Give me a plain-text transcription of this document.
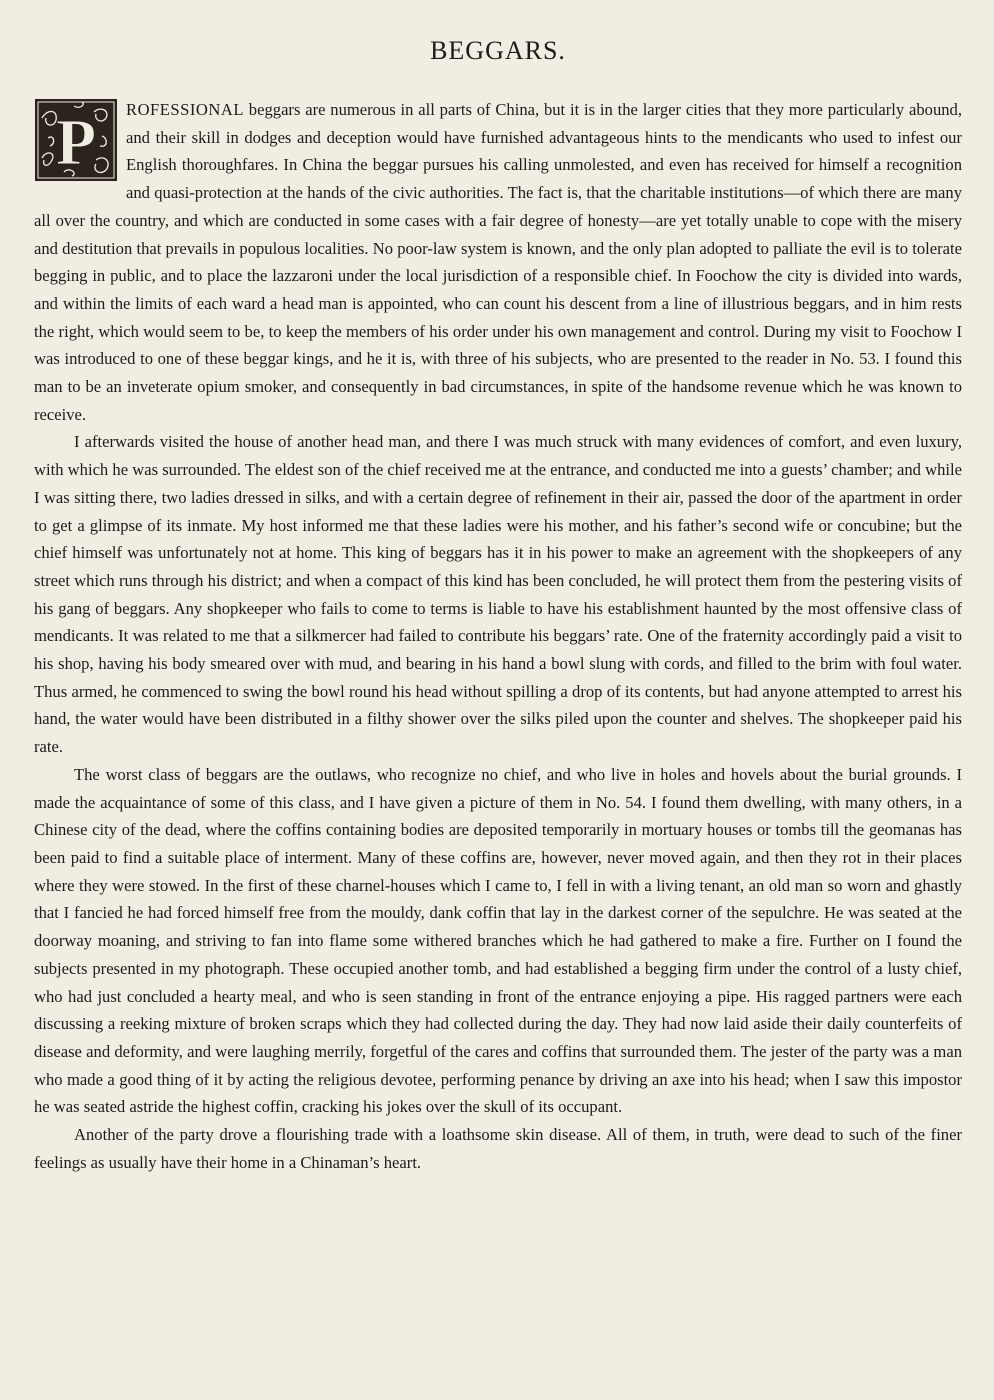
BEGGARS.

P ROFESSIONAL beggars are numerous in all parts of China, but it is in the larger cities that they more particularly abound, and their skill in dodges and deception would have furnished advantageous hints to the mendicants who used to infest our English thoroughfares. In China the beggar pursues his calling unmolested, and even has received for himself a recognition and quasi-protection at the hands of the civic authorities. The fact is, that the charitable institutions—of which there are many all over the country, and which are conducted in some cases with a fair degree of honesty—are yet totally unable to cope with the misery and destitution that prevails in populous localities. No poor-law system is known, and the only plan adopted to palliate the evil is to tolerate begging in public, and to place the lazzaroni under the local jurisdiction of a responsible chief. In Foochow the city is divided into wards, and within the limits of each ward a head man is appointed, who can count his descent from a line of illustrious beggars, and in him rests the right, which would seem to be, to keep the members of his order under his own management and control. During my visit to Foochow I was introduced to one of these beggar kings, and he it is, with three of his subjects, who are presented to the reader in No. 53. I found this man to be an inveterate opium smoker, and consequently in bad circumstances, in spite of the handsome revenue which he was known to receive.

I afterwards visited the house of another head man, and there I was much struck with many evidences of comfort, and even luxury, with which he was surrounded. The eldest son of the chief received me at the entrance, and conducted me into a guests’ chamber; and while I was sitting there, two ladies dressed in silks, and with a certain degree of refinement in their air, passed the door of the apartment in order to get a glimpse of its inmate. My host informed me that these ladies were his mother, and his father’s second wife or concubine; but the chief himself was unfortunately not at home. This king of beggars has it in his power to make an agreement with the shopkeepers of any street which runs through his district; and when a compact of this kind has been concluded, he will protect them from the pestering visits of his gang of beggars. Any shopkeeper who fails to come to terms is liable to have his establishment haunted by the most offensive class of mendicants. It was related to me that a silkmercer had failed to contribute his beggars’ rate. One of the fraternity accordingly paid a visit to his shop, having his body smeared over with mud, and bearing in his hand a bowl slung with cords, and filled to the brim with foul water. Thus armed, he commenced to swing the bowl round his head without spilling a drop of its contents, but had anyone attempted to arrest his hand, the water would have been distributed in a filthy shower over the silks piled upon the counter and shelves. The shopkeeper paid his rate.

The worst class of beggars are the outlaws, who recognize no chief, and who live in holes and hovels about the burial grounds. I made the acquaintance of some of this class, and I have given a picture of them in No. 54. I found them dwelling, with many others, in a Chinese city of the dead, where the coffins containing bodies are deposited temporarily in mortuary houses or tombs till the geomanas has been paid to find a suitable place of interment. Many of these coffins are, however, never moved again, and then they rot in their places where they were stowed. In the first of these charnel-houses which I came to, I fell in with a living tenant, an old man so worn and ghastly that I fancied he had forced himself free from the mouldy, dank coffin that lay in the darkest corner of the sepulchre. He was seated at the doorway moaning, and striving to fan into flame some withered branches which he had gathered to make a fire. Further on I found the subjects presented in my photograph. These occupied another tomb, and had established a begging firm under the control of a lusty chief, who had just concluded a hearty meal, and who is seen standing in front of the entrance enjoying a pipe. His ragged partners were each discussing a reeking mixture of broken scraps which they had collected during the day. They had now laid aside their daily counterfeits of disease and deformity, and were laughing merrily, forgetful of the cares and coffins that surrounded them. The jester of the party was a man who made a good thing of it by acting the religious devotee, performing penance by driving an axe into his head; when I saw this impostor he was seated astride the highest coffin, cracking his jokes over the skull of its occupant.

Another of the party drove a flourishing trade with a loathsome skin disease. All of them, in truth, were dead to such of the finer feelings as usually have their home in a Chinaman’s heart.
